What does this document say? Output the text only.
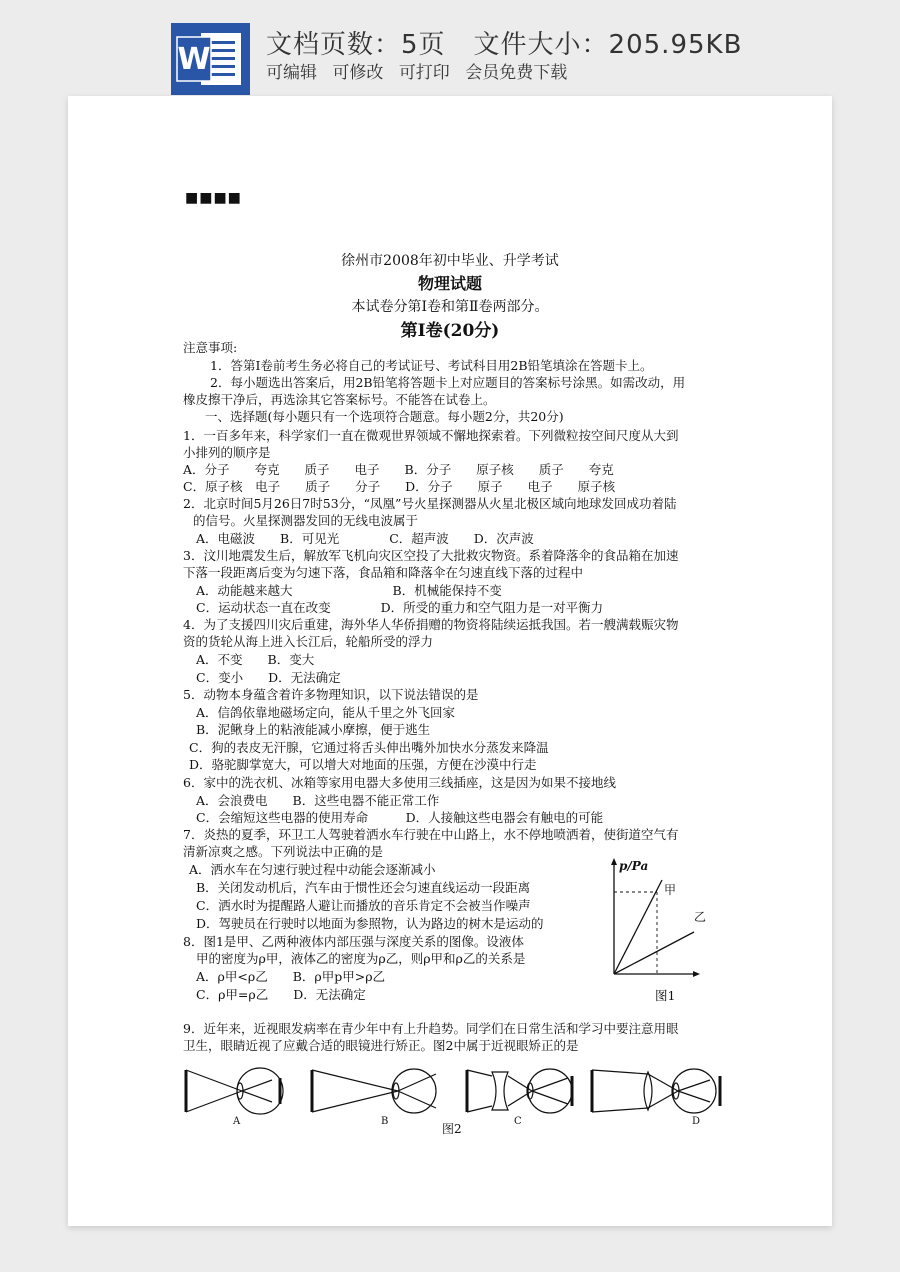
W 文档页数：5页 文件大小：205.95KB
可编辑 可修改 可打印 会员免费下载
■■■■
徐州市2008年初中毕业、升学考试
物理试题
本试卷分第Ⅰ卷和第Ⅱ卷两部分。
第Ⅰ卷(20分)
注意事项:
1．答第Ⅰ卷前考生务必将自己的考试证号、考试科目用2B铅笔填涂在答题卡上。
2．每小题选出答案后，用2B铅笔将答题卡上对应题目的答案标号涂黑。如需改动，用
橡皮擦干净后，再选涂其它答案标号。不能答在试卷上。
一、选择题(每小题只有一个选项符合题意。每小题2分，共20分)
1．一百多年来，科学家们一直在微观世界领域不懈地探索着。下列微粒按空间尺度从大到
小排列的顺序是
A．分子　　夸克　　质子　　电子　　B．分子　　原子核　　质子　　夸克
C．原子核　电子　　质子　　分子　　D．分子　　原子　　电子　　原子核
2．北京时间5月26日7时53分，“凤凰”号火星探测器从火星北极区域向地球发回成功着陆
的信号。火星探测器发回的无线电波属于
A．电磁波　　B．可见光　　　　C．超声波　　D．次声波
3．汶川地震发生后，解放军飞机向灾区空投了大批救灾物资。系着降落伞的食品箱在加速
下落一段距离后变为匀速下落，食品箱和降落伞在匀速直线下落的过程中
A．动能越来越大　　　　　　　　B．机械能保持不变
C．运动状态一直在改变　　　　D．所受的重力和空气阻力是一对平衡力
4．为了支援四川灾后重建，海外华人华侨捐赠的物资将陆续运抵我国。若一艘满载赈灾物
资的货轮从海上进入长江后，轮船所受的浮力
A．不变　　B．变大
C．变小　　D．无法确定
5．动物本身蕴含着许多物理知识，以下说法错误的是
A．信鸽依靠地磁场定向，能从千里之外飞回家
B．泥鳅身上的粘液能减小摩擦，便于逃生
C．狗的表皮无汗腺，它通过将舌头伸出嘴外加快水分蒸发来降温
D．骆驼脚掌宽大，可以增大对地面的压强，方便在沙漠中行走
6．家中的洗衣机、冰箱等家用电器大多使用三线插座，这是因为如果不接地线
A．会浪费电　　B．这些电器不能正常工作
C．会缩短这些电器的使用寿命　　　D．人接触这些电器会有触电的可能
7．炎热的夏季，环卫工人驾驶着洒水车行驶在中山路上，水不停地喷洒着，使街道空气有
清新凉爽之感。下列说法中正确的是
A．洒水车在匀速行驶过程中动能会逐渐减小
B．关闭发动机后，汽车由于惯性还会匀速直线运动一段距离
C．洒水时为提醒路人避让而播放的音乐肯定不会被当作噪声
D．驾驶员在行驶时以地面为参照物，认为路边的树木是运动的
8．图1是甲、乙两种液体内部压强与深度关系的图像。设液体
甲的密度为ρ甲，液体乙的密度为ρ乙，则ρ甲和ρ乙的关系是
A．ρ甲<ρ乙　　B．ρ甲p甲>ρ乙
C．ρ甲=ρ乙　　D．无法确定
p/Pa
甲
乙
图1
9．近年来，近视眼发病率在青少年中有上升趋势。同学们在日常生活和学习中要注意用眼
卫生，眼睛近视了应戴合适的眼镜进行矫正。图2中属于近视眼矫正的是
A	B	C	D
图2
